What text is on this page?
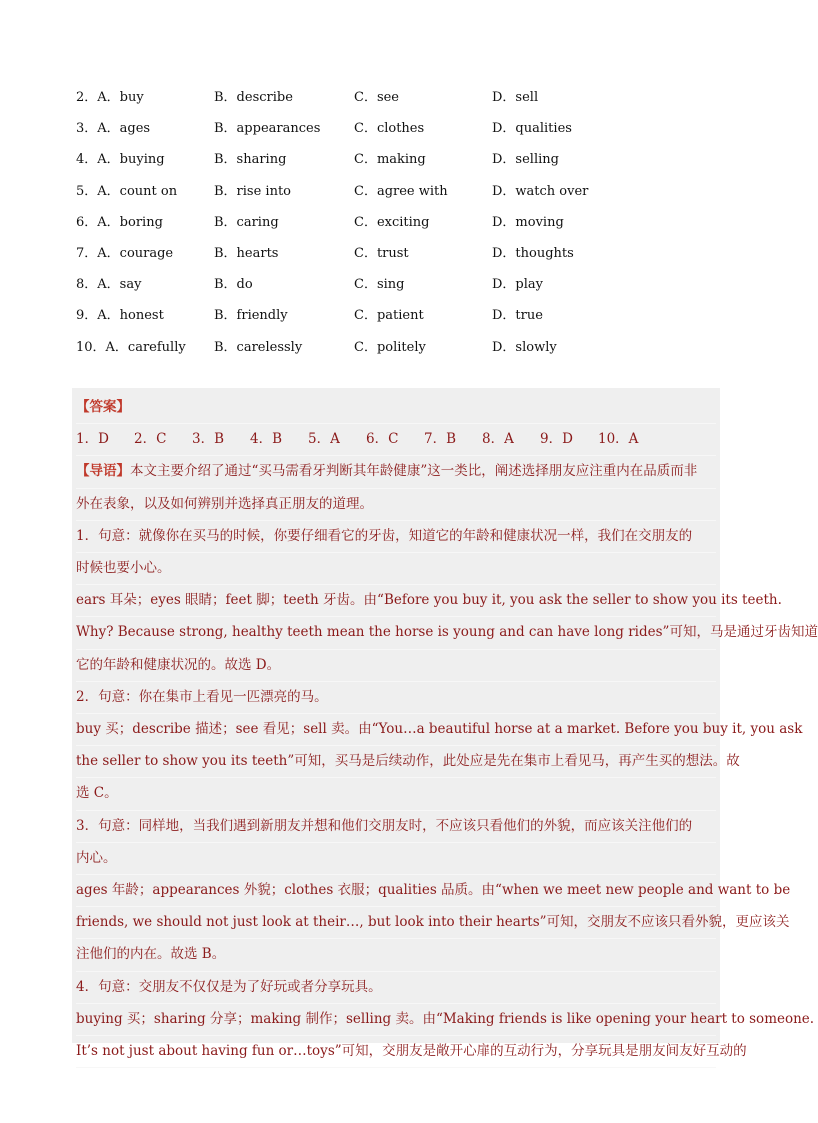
2．A．buy	B．describe	C．see	D．sell
3．A．ages	B．appearances	C．clothes	D．qualities
4．A．buying	B．sharing	C．making	D．selling
5．A．count on	B．rise into	C．agree with	D．watch over
6．A．boring	B．caring	C．exciting	D．moving
7．A．courage	B．hearts	C．trust	D．thoughts
8．A．say	B．do	C．sing	D．play
9．A．honest	B．friendly	C．patient	D．true
10．A．carefully	B．carelessly	C．politely	D．slowly
【答案】
1．D	2．C	3．B	4．B	5．A	6．C	7．B	8．A	9．D	10．A
【导语】本文主要介绍了通过“买马需看牙判断其年龄健康”这一类比，阐述选择朋友应注重内在品质而非
外在表象，以及如何辨别并选择真正朋友的道理。
1．句意：就像你在买马的时候，你要仔细看它的牙齿，知道它的年龄和健康状况一样，我们在交朋友的
时候也要小心。
ears 耳朵；eyes 眼睛；feet 脚；teeth 牙齿。由“Before you buy it, you ask the seller to show you its teeth.
Why? Because strong, healthy teeth mean the horse is young and can have long rides”可知，马是通过牙齿知道
它的年龄和健康状况的。故选 D。
2．句意：你在集市上看见一匹漂亮的马。
buy 买；describe 描述；see 看见；sell 卖。由“You…a beautiful horse at a market. Before you buy it, you ask
the seller to show you its teeth”可知，买马是后续动作，此处应是先在集市上看见马，再产生买的想法。故
选 C。
3．句意：同样地，当我们遇到新朋友并想和他们交朋友时，不应该只看他们的外貌，而应该关注他们的
内心。
ages 年龄；appearances 外貌；clothes 衣服；qualities 品质。由“when we meet new people and want to be
friends, we should not just look at their…, but look into their hearts”可知，交朋友不应该只看外貌，更应该关
注他们的内在。故选 B。
4．句意：交朋友不仅仅是为了好玩或者分享玩具。
buying 买；sharing 分享；making 制作；selling 卖。由“Making friends is like opening your heart to someone.
It’s not just about having fun or…toys”可知，交朋友是敞开心扉的互动行为，分享玩具是朋友间友好互动的
